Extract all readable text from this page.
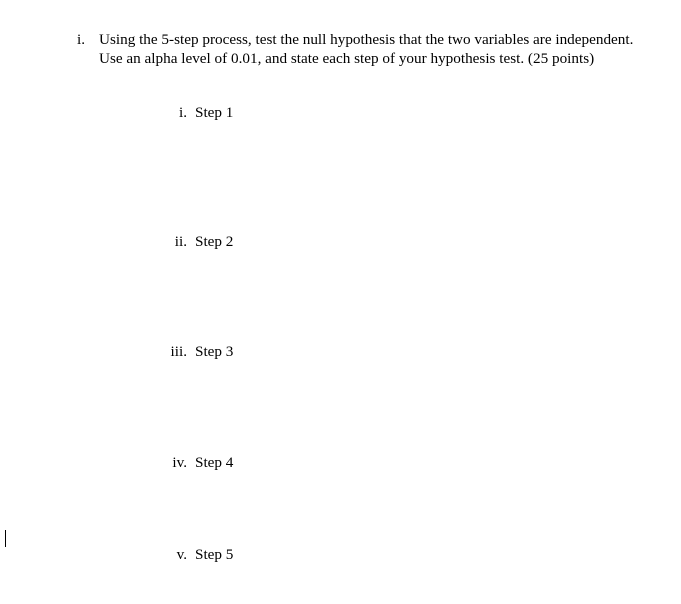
i. Using the 5-step process, test the null hypothesis that the two variables are independent. Use an alpha level of 0.01, and state each step of your hypothesis test. (25 points)
i. Step 1
ii. Step 2
iii. Step 3
iv. Step 4
v. Step 5
